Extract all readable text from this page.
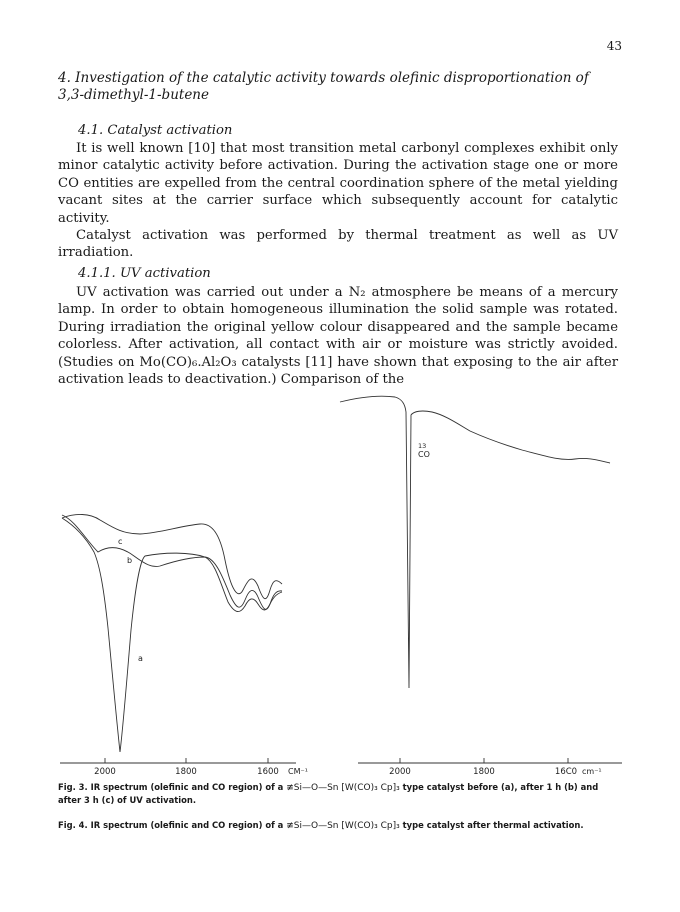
43
4. Investigation of the catalytic activity towards olefinic disproportionation of
3,3-dimethyl-1-butene
4.1. Catalyst activation

It is well known [10] that most transition metal carbonyl complexes exhibit only minor catalytic activity before activation. During the activation stage one or more CO entities are expelled from the central coordination sphere of the metal yielding vacant sites at the carrier surface which subsequently account for catalytic activity.

Catalyst activation was performed by thermal treatment as well as UV irradiation.

4.1.1. UV activation

UV activation was carried out under a N₂ atmosphere be means of a mercury lamp. In order to obtain homogeneous illumination the solid sample was rotated. During irradiation the original yellow colour disappeared and the sample became colorless. After activation, all contact with air or moisture was strictly avoided. (Studies on Mo(CO)₆.Al₂O₃ catalysts [11] have shown that exposing to the air after activation leads to deactivation.) Comparison of the

c
b
a
2000	1800	1600 CM⁻¹
13
CO
2000	1800	16C0 cm⁻¹
Fig. 3. IR spectrum (olefinic and CO region) of a ≢Si—O—Sn [W(CO)₃ Cp]₃ type catalyst before (a), after 1 h (b) and after 3 h (c) of UV activation.
Fig. 4. IR spectrum (olefinic and CO region) of a ≢Si—O—Sn [W(CO)₃ Cp]₃ type catalyst after thermal activation.
